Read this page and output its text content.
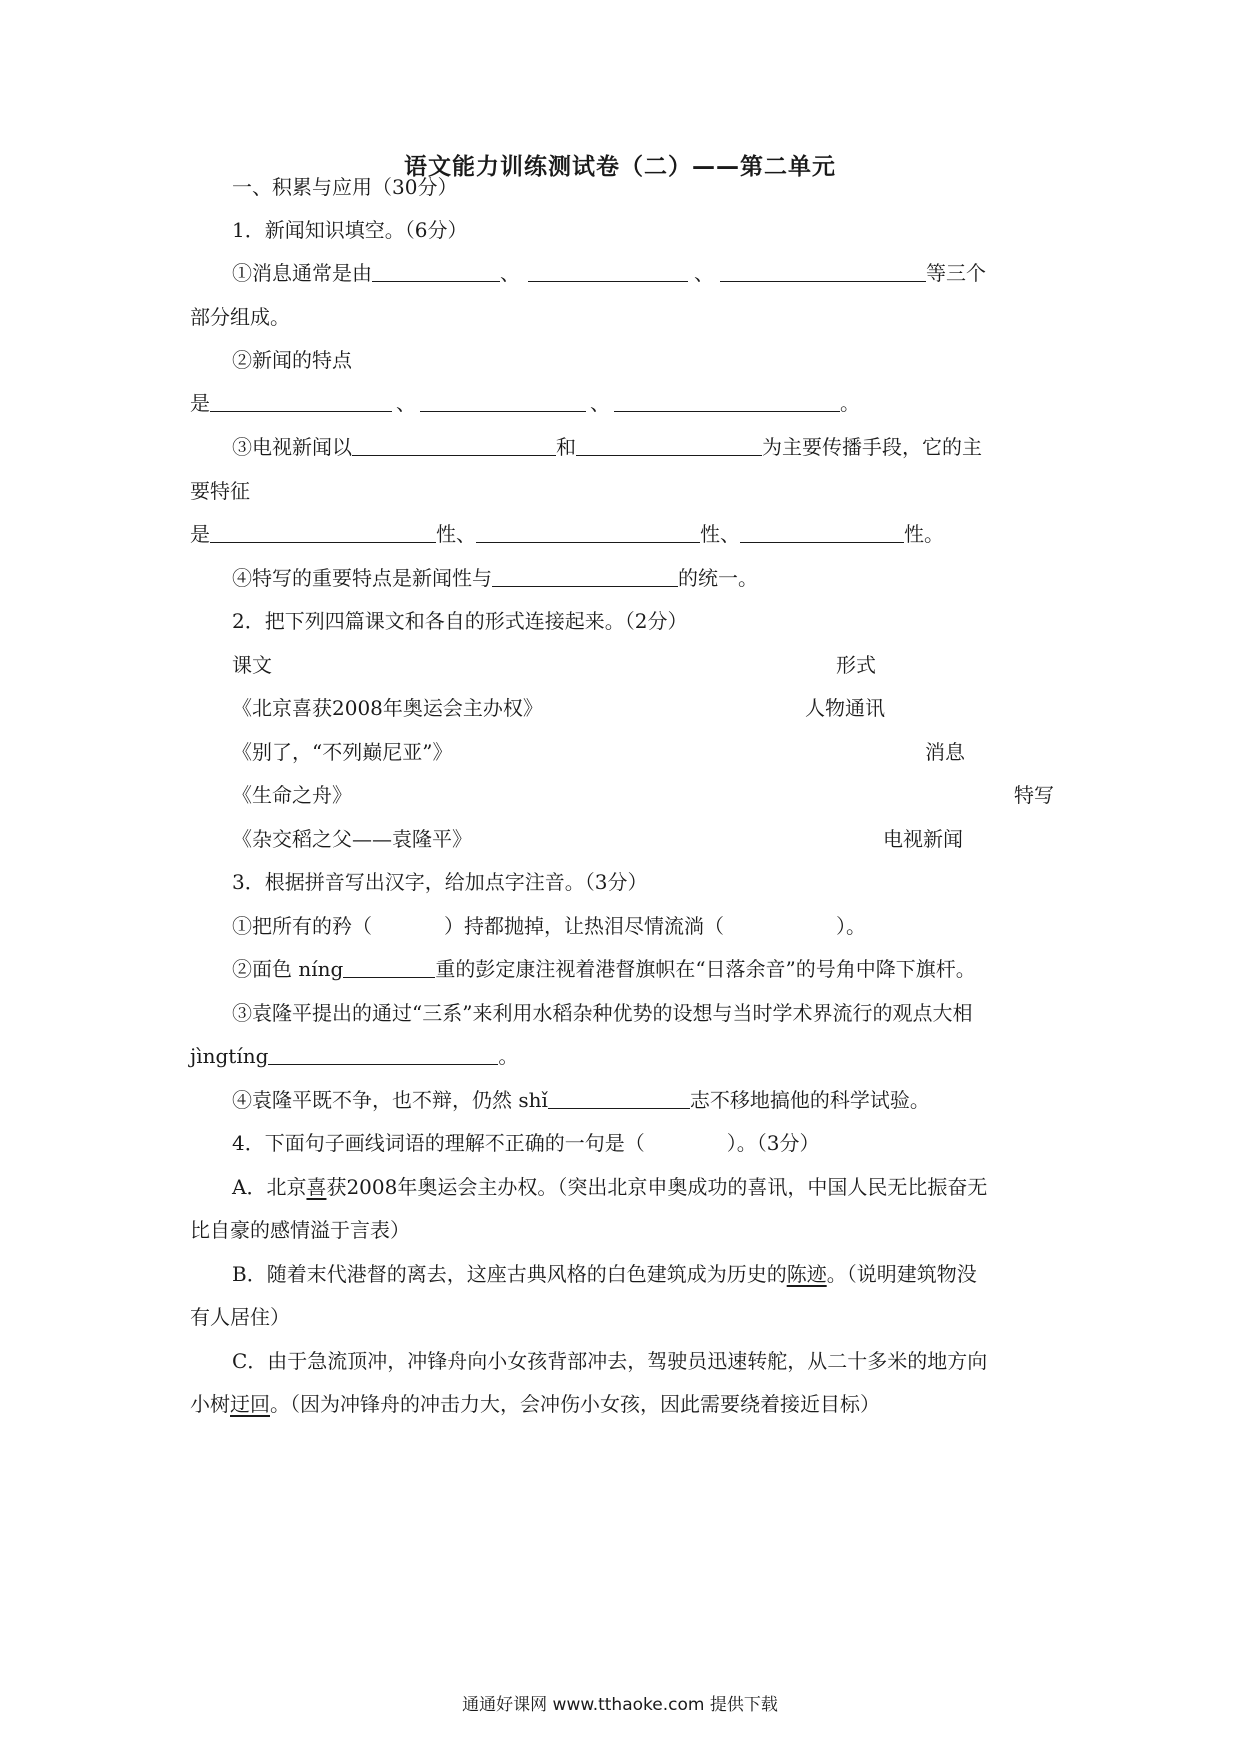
语文能力训练测试卷（二）——第二单元
一、积累与应用（30分）
1．新闻知识填空。（6分）
①消息通常是由	、	、	等三个
部分组成。
②新闻的特点
是	、	、	。
③电视新闻以	和	为主要传播手段，它的主
要特征
是	性、	性、	性。
④特写的重要特点是新闻性与	的统一。
2．把下列四篇课文和各自的形式连接起来。（2分）
课文	形式
《北京喜获2008年奥运会主办权》	人物通讯
《别了，“不列巅尼亚”》	消息
《生命之舟》	特写
《杂交稻之父——袁隆平》	电视新闻
3．根据拼音写出汉字，给加点字注音。（3分）
①把所有的矜（	）持都抛掉，让热泪尽情流淌（	）。
②面色 níng	重的彭定康注视着港督旗帜在“日落余音”的号角中降下旗杆。
③袁隆平提出的通过“三系”来利用水稻杂种优势的设想与当时学术界流行的观点大相
jìngtíng	。
④袁隆平既不争，也不辩，仍然 shǐ	志不移地搞他的科学试验。
4．下面句子画线词语的理解不正确的一句是（	）。（3分）
A．北京喜获2008年奥运会主办权。（突出北京申奥成功的喜讯，中国人民无比振奋无
比自豪的感情溢于言表）
B．随着末代港督的离去，这座古典风格的白色建筑成为历史的陈迹。（说明建筑物没
有人居住）
C．由于急流顶冲，冲锋舟向小女孩背部冲去，驾驶员迅速转舵，从二十多米的地方向
小树迂回。（因为冲锋舟的冲击力大，会冲伤小女孩，因此需要绕着接近目标）
通通好课网 www.tthaoke.com 提供下载
